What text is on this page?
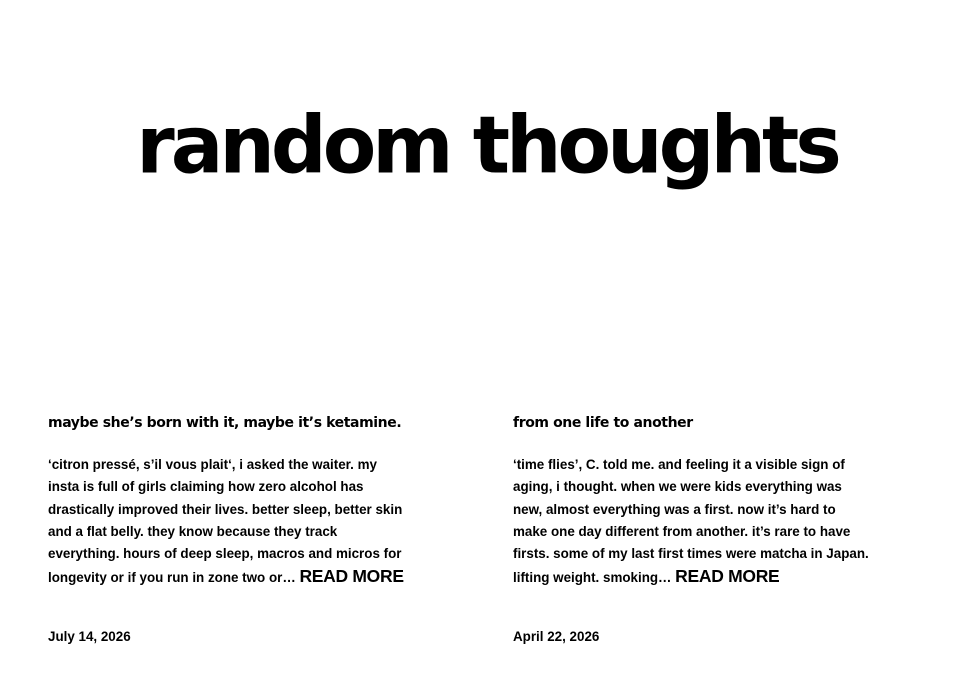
random thoughts
maybe she’s born with it, maybe it’s ketamine.

‘citron pressé, s’il vous plait‘, i asked the waiter. my
insta is full of girls claiming how zero alcohol has
drastically improved their lives. better sleep, better skin
and a flat belly. they know because they track
everything. hours of deep sleep, macros and micros for
longevity or if you run in zone two or… READ MORE

July 14, 2026

from one life to another

‘time flies’, C. told me. and feeling it a visible sign of
aging, i thought. when we were kids everything was
new, almost everything was a first. now it’s hard to
make one day different from another. it’s rare to have
firsts. some of my last first times were matcha in Japan.
lifting weight. smoking… READ MORE

April 22, 2026
